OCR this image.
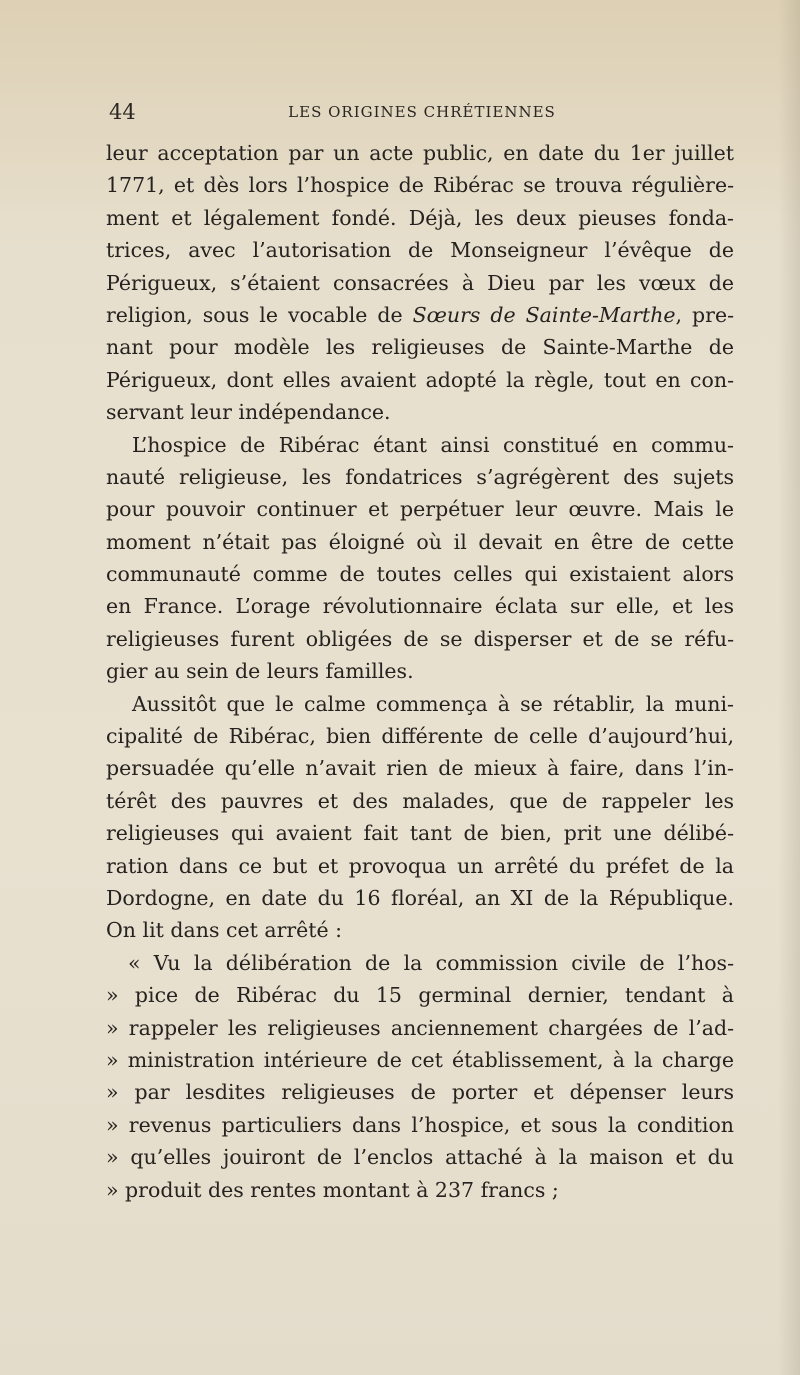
44	LES ORIGINES CHRÉTIENNES
leur acceptation par un acte public, en date du 1er juillet
1771, et dès lors l’hospice de Ribérac se trouva régulière-
ment et légalement fondé. Déjà, les deux pieuses fonda-
trices, avec l’autorisation de Monseigneur l’évêque de
Périgueux, s’étaient consacrées à Dieu par les vœux de
religion, sous le vocable de Sœurs de Sainte-Marthe, pre-
nant pour modèle les religieuses de Sainte-Marthe de
Périgueux, dont elles avaient adopté la règle, tout en con-
servant leur indépendance.
L’hospice de Ribérac étant ainsi constitué en commu-
nauté religieuse, les fondatrices s’agrégèrent des sujets
pour pouvoir continuer et perpétuer leur œuvre. Mais le
moment n’était pas éloigné où il devait en être de cette
communauté comme de toutes celles qui existaient alors
en France. L’orage révolutionnaire éclata sur elle, et les
religieuses furent obligées de se disperser et de se réfu-
gier au sein de leurs familles.
Aussitôt que le calme commença à se rétablir, la muni-
cipalité de Ribérac, bien différente de celle d’aujourd’hui,
persuadée qu’elle n’avait rien de mieux à faire, dans l’in-
térêt des pauvres et des malades, que de rappeler les
religieuses qui avaient fait tant de bien, prit une délibé-
ration dans ce but et provoqua un arrêté du préfet de la
Dordogne, en date du 16 floréal, an XI de la République.
On lit dans cet arrêté :
« Vu la délibération de la commission civile de l’hos-
» pice de Ribérac du 15 germinal dernier, tendant à
» rappeler les religieuses anciennement chargées de l’ad-
» ministration intérieure de cet établissement, à la charge
» par lesdites religieuses de porter et dépenser leurs
» revenus particuliers dans l’hospice, et sous la condition
» qu’elles jouiront de l’enclos attaché à la maison et du
» produit des rentes montant à 237 francs ;
